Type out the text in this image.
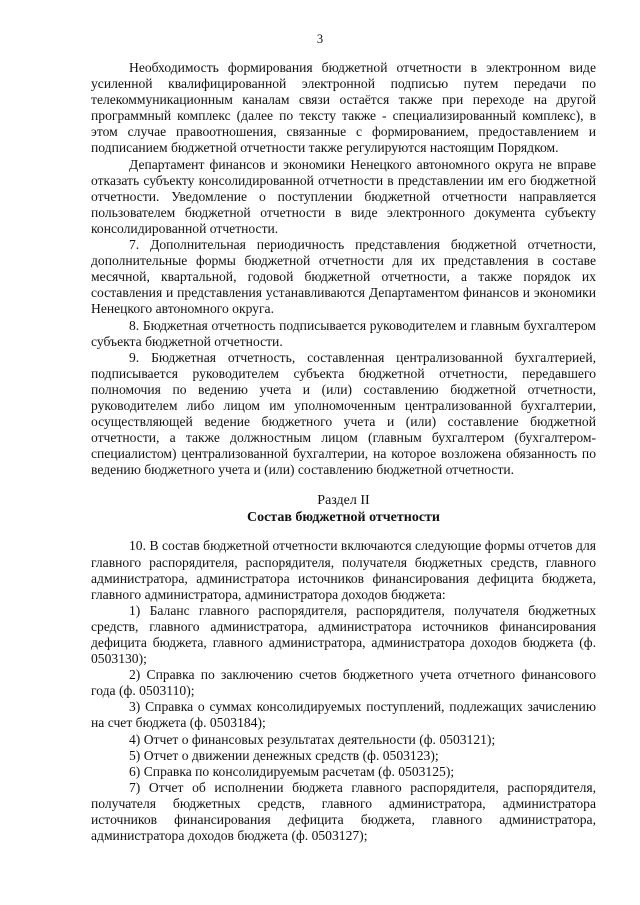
3

Необходимость формирования бюджетной отчетности в электронном виде усиленной квалифицированной электронной подписью путем передачи по телекоммуникационным каналам связи остаётся также при переходе на другой программный комплекс (далее по тексту также - специализированный комплекс), в этом случае правоотношения, связанные с формированием, предоставлением и подписанием бюджетной отчетности также регулируются настоящим Порядком.

Департамент финансов и экономики Ненецкого автономного округа не вправе отказать субъекту консолидированной отчетности в представлении им его бюджетной отчетности. Уведомление о поступлении бюджетной отчетности направляется пользователем бюджетной отчетности в виде электронного документа субъекту консолидированной отчетности.

7. Дополнительная периодичность представления бюджетной отчетности, дополнительные формы бюджетной отчетности для их представления в составе месячной, квартальной, годовой бюджетной отчетности, а также порядок их составления и представления устанавливаются Департаментом финансов и экономики Ненецкого автономного округа.

8. Бюджетная отчетность подписывается руководителем и главным бухгалтером субъекта бюджетной отчетности.

9. Бюджетная отчетность, составленная централизованной бухгалтерией, подписывается руководителем субъекта бюджетной отчетности, передавшего полномочия по ведению учета и (или) составлению бюджетной отчетности, руководителем либо лицом им уполномоченным централизованной бухгалтерии, осуществляющей ведение бюджетного учета и (или) составление бюджетной отчетности, а также должностным лицом (главным бухгалтером (бухгалтером-специалистом) централизованной бухгалтерии, на которое возложена обязанность по ведению бюджетного учета и (или) составлению бюджетной отчетности.

Раздел II
Состав бюджетной отчетности

10. В состав бюджетной отчетности включаются следующие формы отчетов для главного распорядителя, распорядителя, получателя бюджетных средств, главного администратора, администратора источников финансирования дефицита бюджета, главного администратора, администратора доходов бюджета:

1) Баланс главного распорядителя, распорядителя, получателя бюджетных средств, главного администратора, администратора источников финансирования дефицита бюджета, главного администратора, администратора доходов бюджета (ф. 0503130);

2) Справка по заключению счетов бюджетного учета отчетного финансового года (ф. 0503110);

3) Справка о суммах консолидируемых поступлений, подлежащих зачислению на счет бюджета (ф. 0503184);

4) Отчет о финансовых результатах деятельности (ф. 0503121);

5) Отчет о движении денежных средств (ф. 0503123);

6) Справка по консолидируемым расчетам (ф. 0503125);

7) Отчет об исполнении бюджета главного распорядителя, распорядителя, получателя бюджетных средств, главного администратора, администратора источников финансирования дефицита бюджета, главного администратора, администратора доходов бюджета (ф. 0503127);
